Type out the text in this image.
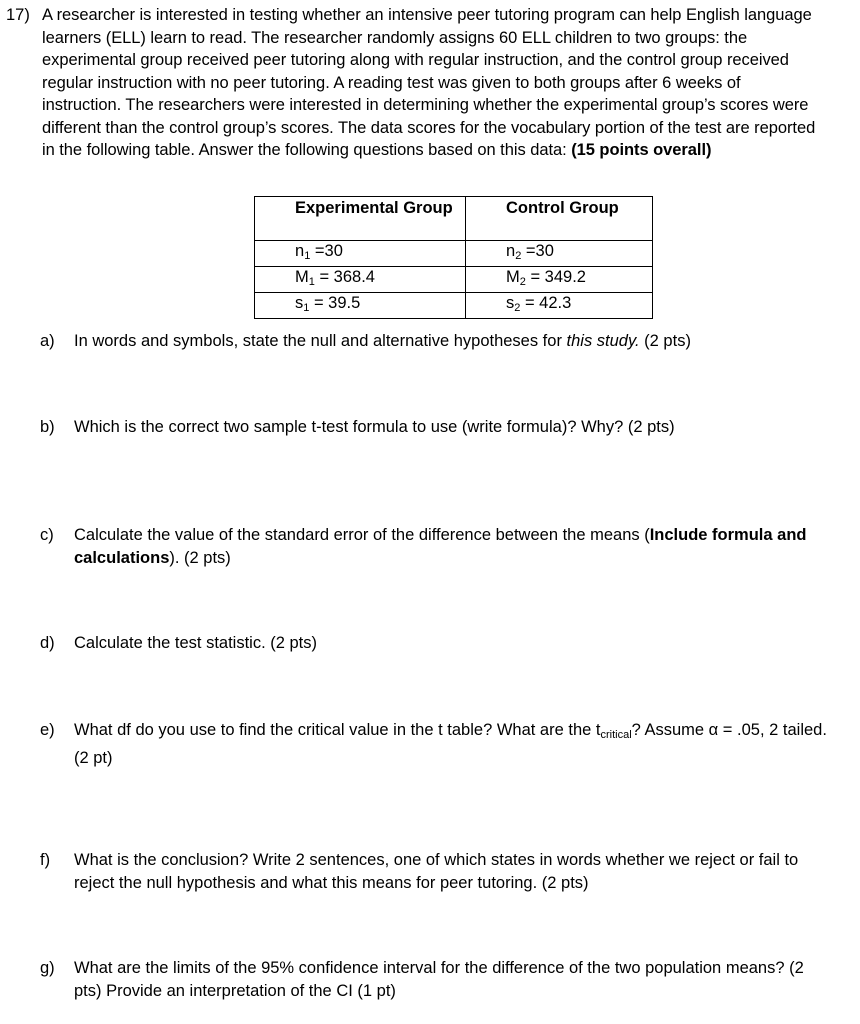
17) A researcher is interested in testing whether an intensive peer tutoring program can help English language learners (ELL) learn to read. The researcher randomly assigns 60 ELL children to two groups: the experimental group received peer tutoring along with regular instruction, and the control group received regular instruction with no peer tutoring. A reading test was given to both groups after 6 weeks of instruction. The researchers were interested in determining whether the experimental group’s scores were different than the control group’s scores. The data scores for the vocabulary portion of the test are reported in the following table. Answer the following questions based on this data: (15 points overall)
Experimental Group	Control Group
$n_1 =30$	$n_2 =30$
$M_1 = 368.4$	$M_2 = 349.2$
$s_1 = 39.5$	$s_2 = 42.3$
a) In words and symbols, state the null and alternative hypotheses for this study. (2 pts)
b) Which is the correct two sample t-test formula to use (write formula)? Why? (2 pts)
c) Calculate the value of the standard error of the difference between the means (Include formula and calculations). (2 pts)
d) Calculate the test statistic. (2 pts)
e) What df do you use to find the critical value in the t table? What are the tcritical? Assume α = .05, 2 tailed. (2 pt)
f) What is the conclusion? Write 2 sentences, one of which states in words whether we reject or fail to reject the null hypothesis and what this means for peer tutoring. (2 pts)
g) What are the limits of the 95% confidence interval for the difference of the two population means? (2 pts) Provide an interpretation of the CI (1 pt)
